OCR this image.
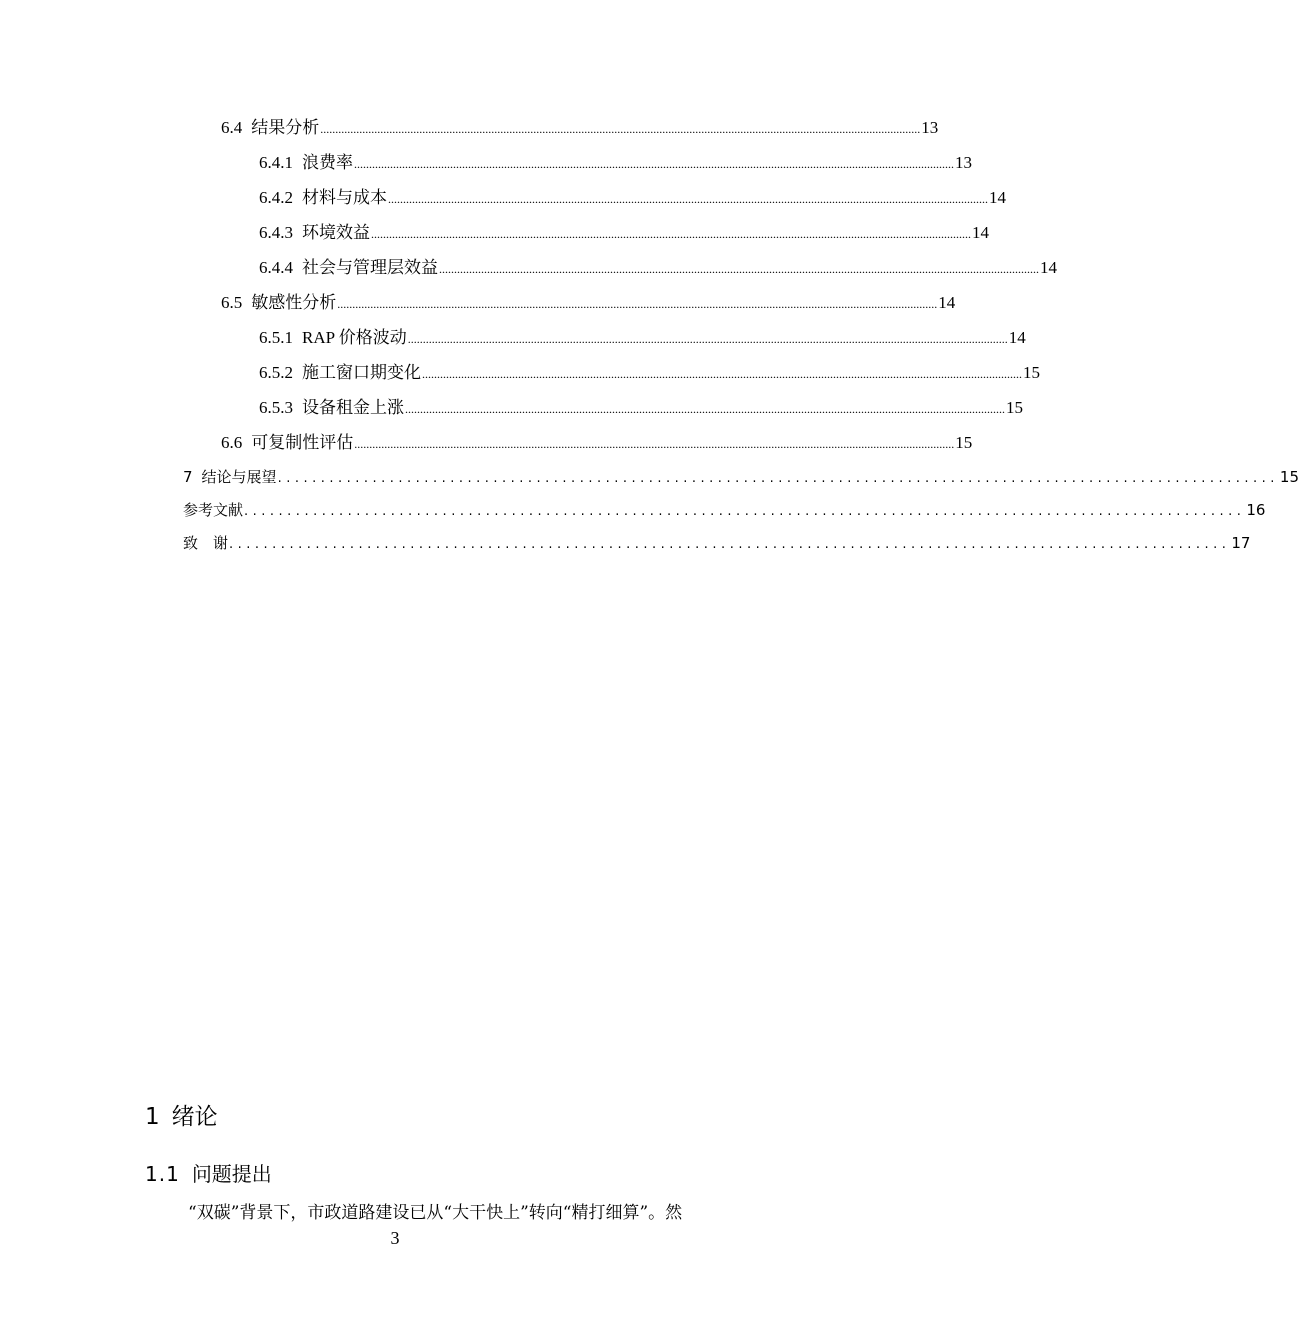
6.4 结果分析 ........................................................................................................................................................................................................ 13
6.4.1 浪费率 ........................................................................................................................................................................................................ 13
6.4.2 材料与成本 ........................................................................................................................................................................................................ 14
6.4.3 环境效益 ........................................................................................................................................................................................................ 14
6.4.4 社会与管理层效益 ........................................................................................................................................................................................................ 14
6.5 敏感性分析 ........................................................................................................................................................................................................ 14
6.5.1 RAP 价格波动 ........................................................................................................................................................................................................ 14
6.5.2 施工窗口期变化 ........................................................................................................................................................................................................ 15
6.5.3 设备租金上涨 ........................................................................................................................................................................................................ 15
6.6 可复制性评估 ........................................................................................................................................................................................................ 15
7 结论与展望 .................................................................................................................... 15
参考文献 .................................................................................................................... 16
致　谢 .................................................................................................................... 17
1 绪论
1.1 问题提出
“双碳”背景下，市政道路建设已从“大干快上”转向“精打细算”。然
3
